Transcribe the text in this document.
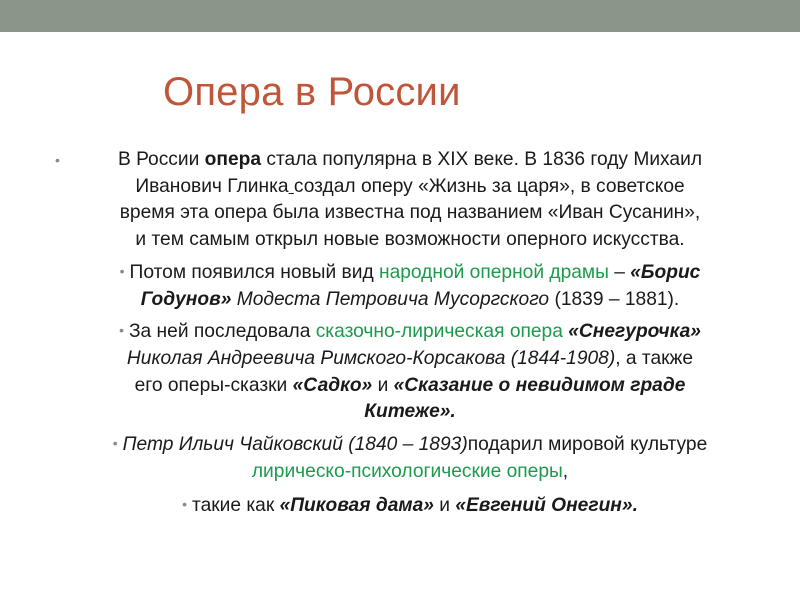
Опера в России
•	В России опера стала популярна в XIX веке. В 1836 году Михаил
Иванович Глинка создал оперу «Жизнь за царя», в советское
время эта опера была известна под названием «Иван Сусанин»,
и тем самым открыл новые возможности оперного искусства.
• Потом появился новый вид народной оперной драмы – «Борис
Годунов» Модеста Петровича Мусоргского (1839 – 1881).
• За ней последовала сказочно-лирическая опера «Снегурочка»
Николая Андреевича Римского-Корсакова (1844-1908), а также
его оперы-сказки «Садко» и «Сказание о невидимом граде
Китеже».
• Петр Ильич Чайковский (1840 – 1893)подарил мировой культуре
лирическо-психологические оперы,
• такие как «Пиковая дама» и «Евгений Онегин».
